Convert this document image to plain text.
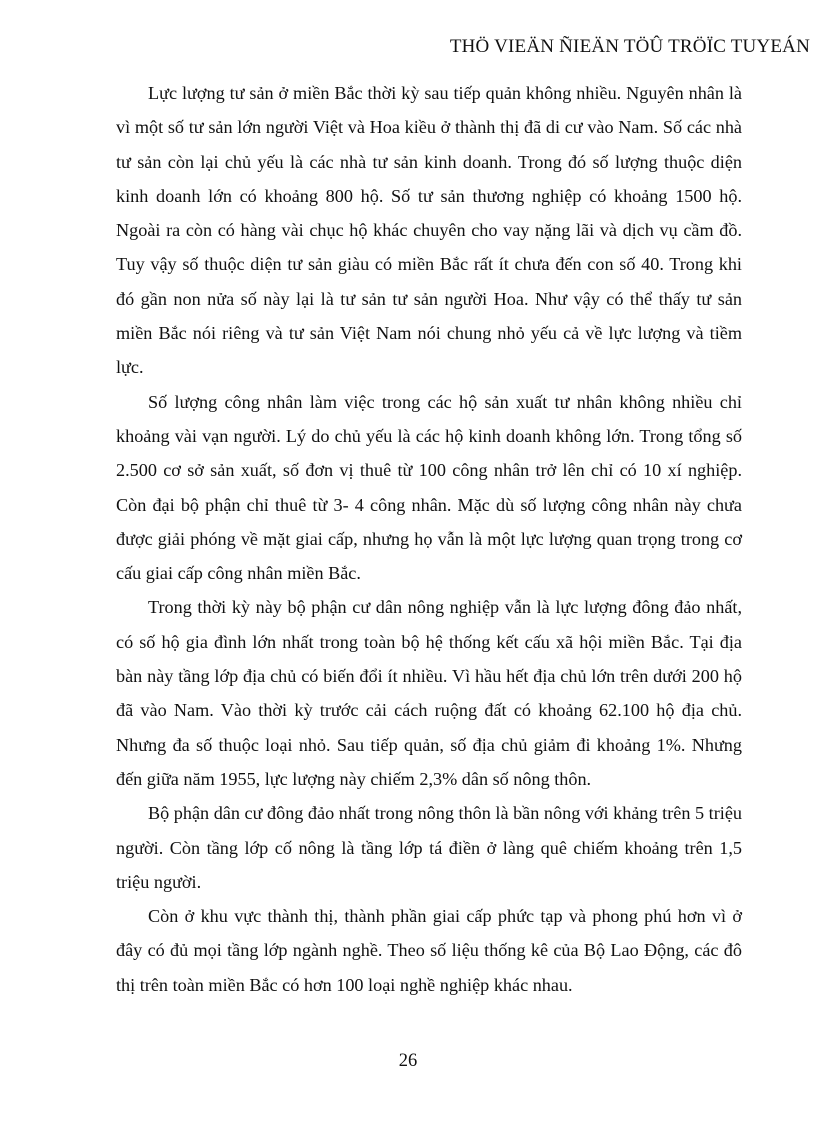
THÖ VIEÄN ÑIEÄN TÖÛ TRÖÏC TUYEÁN

Lực lượng tư sản ở miền Bắc thời kỳ sau tiếp quản không nhiều. Nguyên nhân là vì một số tư sản lớn người Việt và Hoa kiều ở thành thị đã di cư vào Nam. Số các nhà tư sản còn lại chủ yếu là các nhà tư sản kinh doanh. Trong đó số lượng thuộc diện kinh doanh lớn có khoảng 800 hộ. Số tư sản thương nghiệp có khoảng 1500 hộ. Ngoài ra còn có hàng vài chục hộ khác chuyên cho vay nặng lãi và dịch vụ cầm đồ. Tuy vậy số thuộc diện tư sản giàu có miền Bắc rất ít chưa đến con số 40. Trong khi đó gần non nửa số này lại là tư sản tư sản người Hoa. Như vậy có thể thấy tư sản miền Bắc nói riêng và tư sản Việt Nam nói chung nhỏ yếu cả về lực lượng và tiềm lực.

Số lượng công nhân làm việc trong các hộ sản xuất tư nhân không nhiều chỉ khoảng vài vạn người. Lý do chủ yếu là các hộ kinh doanh không lớn. Trong tổng số 2.500 cơ sở sản xuất, số đơn vị thuê từ 100 công nhân trở lên chỉ có 10 xí nghiệp. Còn đại bộ phận chỉ thuê từ 3- 4 công nhân. Mặc dù số lượng công nhân này chưa được giải phóng về mặt giai cấp, nhưng họ vẫn là một lực lượng quan trọng trong cơ cấu giai cấp công nhân miền Bắc.

Trong thời kỳ này bộ phận cư dân nông nghiệp vẫn là lực lượng đông đảo nhất, có số hộ gia đình lớn nhất trong toàn bộ hệ thống kết cấu xã hội miền Bắc. Tại địa bàn này tầng lớp địa chủ có biến đổi ít nhiều. Vì hầu hết địa chủ lớn trên dưới 200 hộ đã vào Nam. Vào thời kỳ trước cải cách ruộng đất có khoảng 62.100 hộ địa chủ. Nhưng đa số thuộc loại nhỏ. Sau tiếp quản, số địa chủ giảm đi khoảng 1%. Nhưng đến giữa năm 1955, lực lượng này chiếm 2,3% dân số nông thôn.

Bộ phận dân cư đông đảo nhất trong nông thôn là bần nông với khảng trên 5 triệu người. Còn tầng lớp cố nông là tầng lớp tá điền ở làng quê chiếm khoảng trên 1,5 triệu người.

Còn ở khu vực thành thị, thành phần giai cấp phức tạp và phong phú hơn vì ở đây có đủ mọi tầng lớp ngành nghề. Theo số liệu thống kê của Bộ Lao Động, các đô thị trên toàn miền Bắc có hơn 100 loại nghề nghiệp khác nhau.

26
